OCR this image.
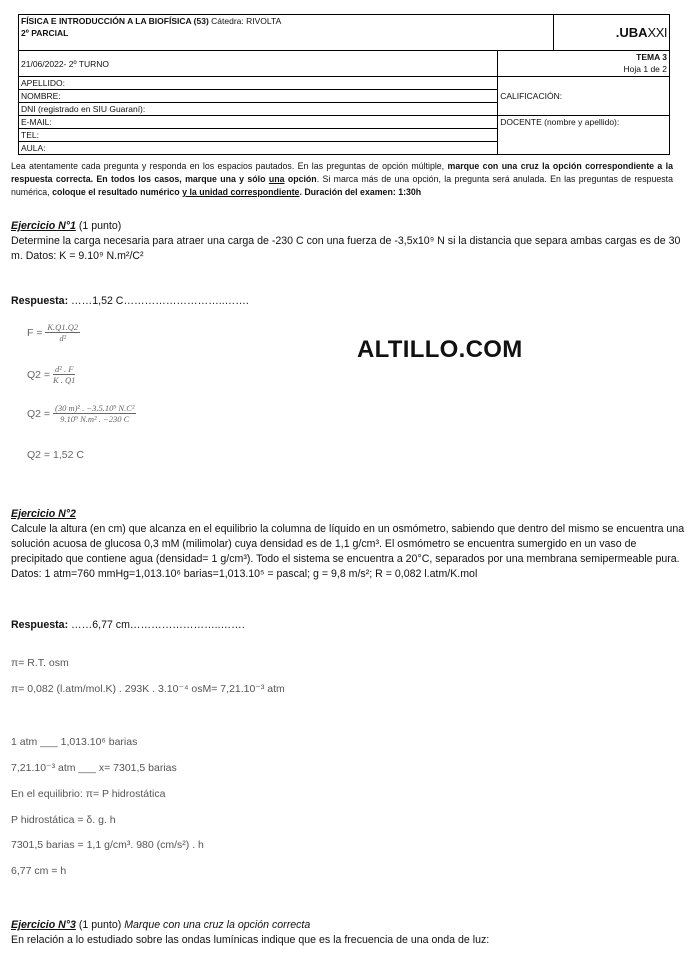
FÍSICA E INTRODUCCIÓN A LA BIOFÍSICA (53) Cátedra: RIVOLTA
2º PARCIAL		.UBAXXI
21/06/2022- 2º TURNO	TEMA 3
Hoja 1 de 2	
APELLIDO:	CALIFICACIÓN:	
NOMBRE:		
DNI (registrado en SIU Guaraní):		
E-MAIL:	DOCENTE (nombre y apellido):	
TEL:		
AULA:		
Lea atentamente cada pregunta y responda en los espacios pautados. En las preguntas de opción múltiple, marque con una cruz la opción correspondiente a la respuesta correcta. En todos los casos, marque una y sólo una opción. Si marca más de una opción, la pregunta será anulada. En las preguntas de respuesta numérica, coloque el resultado numérico y la unidad correspondiente. Duración del examen: 1:30h
Ejercicio N°1 (1 punto)
Determine la carga necesaria para atraer una carga de -230 C con una fuerza de -3,5x10⁹ N si la distancia que separa ambas cargas es de 30 m. Datos: K = 9.10⁹ N.m²/C²
Respuesta: ……1,52 C………………………..…….
$F = \frac{K.Q1.Q2}{\text{d²}}$
$Q2 = \frac{\text{d² . F}}{K . Q1}$
$Q2 = \frac{\text{(30 m)² . −3.5.10⁹ N.C²}}{\text{9.10⁹ N.m² . −230 C}}$
Q2 = 1,52 C
ALTILLO.COM
Ejercicio N°2
Calcule la altura (en cm) que alcanza en el equilibrio la columna de líquido en un osmómetro, sabiendo que dentro del mismo se encuentra una solución acuosa de glucosa 0,3 mM (milimolar) cuya densidad es de 1,1 g/cm³. El osmómetro se encuentra sumergido en un vaso de precipitado que contiene agua (densidad= 1 g/cm³). Todo el sistema se encuentra a 20°C, separados por una membrana semipermeable pura. Datos: 1 atm=760 mmHg=1,013.10⁶ barias=1,013.10⁵ = pascal; g = 9,8 m/s²; R = 0,082 l.atm/K.mol
Respuesta: ……6,77 cm……………………..…….
π= R.T. osm
π= 0,082 (l.atm/mol.K) . 293K . 3.10⁻⁴ osM= 7,21.10⁻³ atm
1 atm ___ 1,013.10⁶ barias
7,21.10⁻³ atm ___ x= 7301,5 barias
En el equilibrio: π= P hidrostática
P hidrostática = δ. g. h
7301,5 barias = 1,1 g/cm³. 980 (cm/s²) . h
6,77 cm = h
Ejercicio N°3 (1 punto) Marque con una cruz la opción correcta
En relación a lo estudiado sobre las ondas lumínicas indique que es la frecuencia de una onda de luz:
